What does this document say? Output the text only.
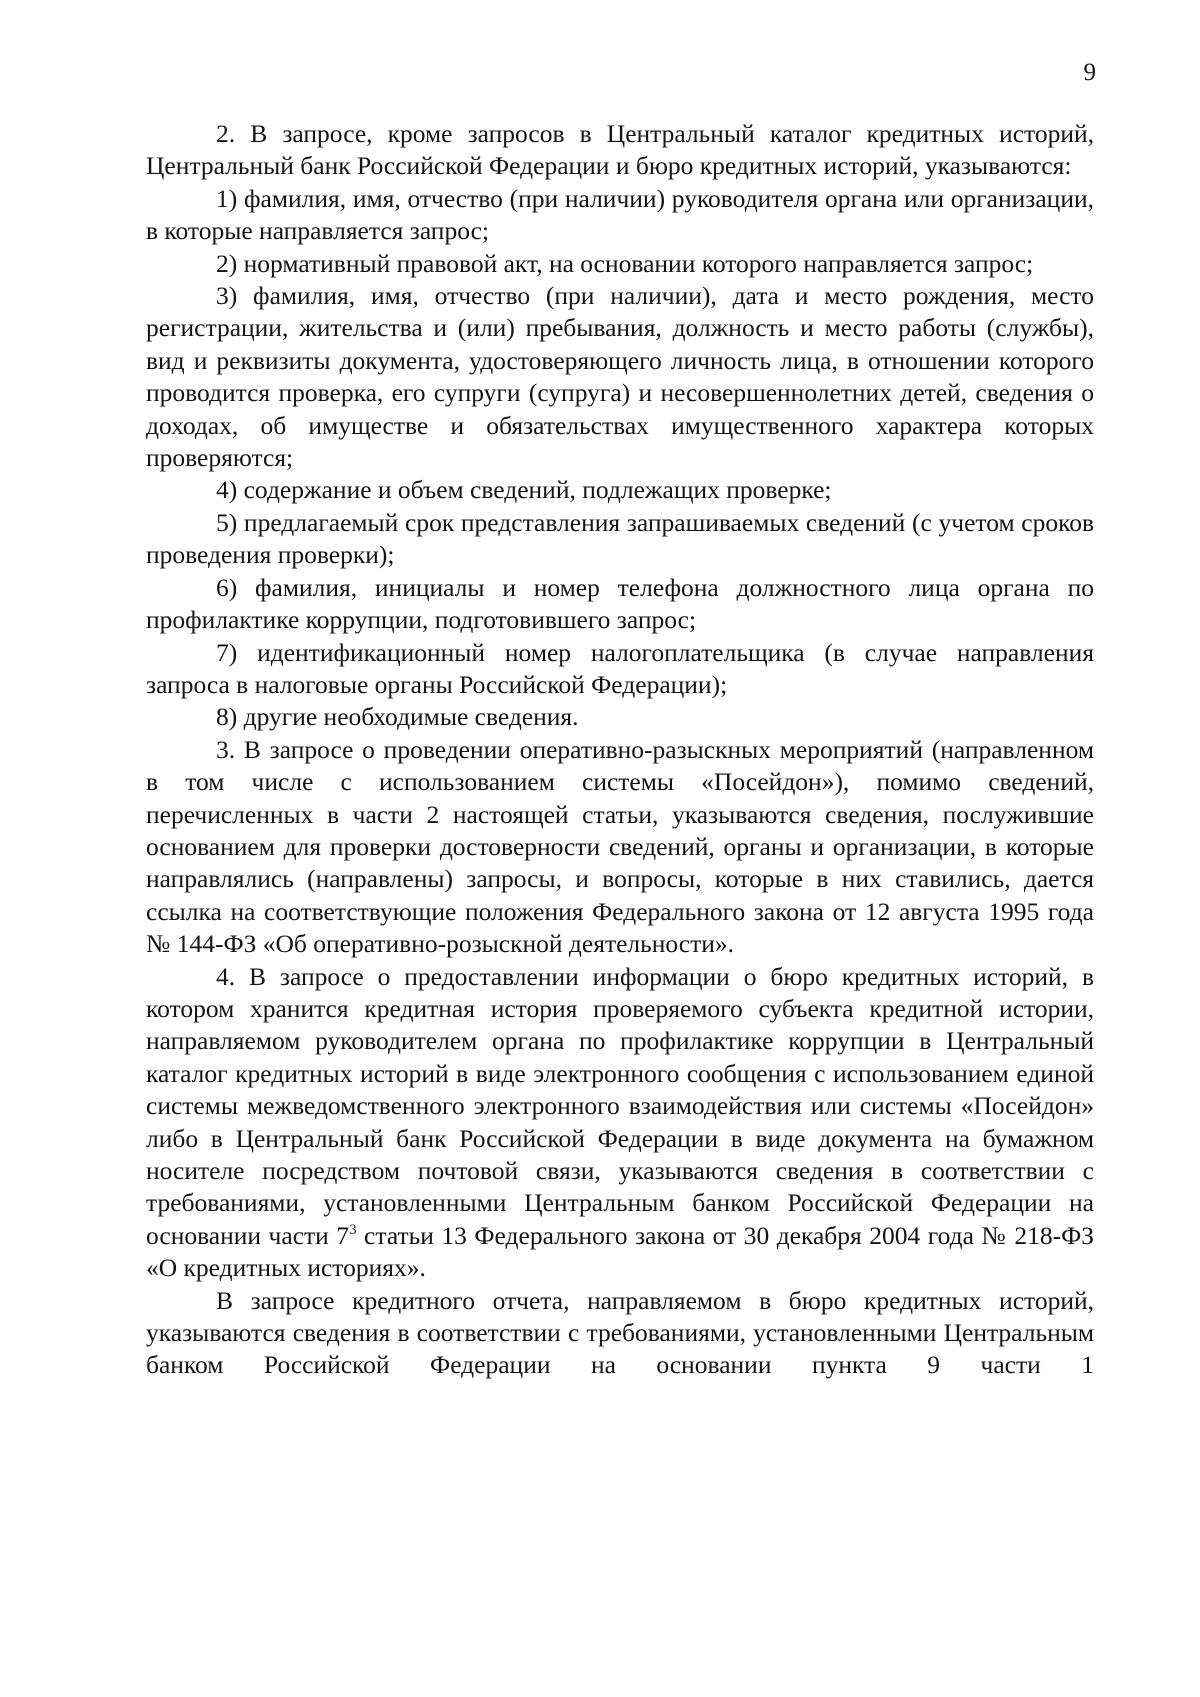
9

2. В запросе, кроме запросов в Центральный каталог кредитных историй, Центральный банк Российской Федерации и бюро кредитных историй, указываются:

1) фамилия, имя, отчество (при наличии) руководителя органа или организации, в которые направляется запрос;

2) нормативный правовой акт, на основании которого направляется запрос;

3) фамилия, имя, отчество (при наличии), дата и место рождения, место регистрации, жительства и (или) пребывания, должность и место работы (службы), вид и реквизиты документа, удостоверяющего личность лица, в отношении которого проводится проверка, его супруги (супруга) и несовершеннолетних детей, сведения о доходах, об имуществе и обязательствах имущественного характера которых проверяются;

4) содержание и объем сведений, подлежащих проверке;

5) предлагаемый срок представления запрашиваемых сведений (с учетом сроков проведения проверки);

6) фамилия, инициалы и номер телефона должностного лица органа по профилактике коррупции, подготовившего запрос;

7) идентификационный номер налогоплательщика (в случае направления запроса в налоговые органы Российской Федерации);

8) другие необходимые сведения.

3. В запросе о проведении оперативно-разыскных мероприятий (направленном в том числе с использованием системы «Посейдон»), помимо сведений, перечисленных в части 2 настоящей статьи, указываются сведения, послужившие основанием для проверки достоверности сведений, органы и организации, в которые направлялись (направлены) запросы, и вопросы, которые в них ставились, дается ссылка на соответствующие положения Федерального закона от 12 августа 1995 года № 144-ФЗ «Об оперативно-розыскной деятельности».

4. В запросе о предоставлении информации о бюро кредитных историй, в котором хранится кредитная история проверяемого субъекта кредитной истории, направляемом руководителем органа по профилактике коррупции в Центральный каталог кредитных историй в виде электронного сообщения с использованием единой системы межведомственного электронного взаимодействия или системы «Посейдон» либо в Центральный банк Российской Федерации в виде документа на бумажном носителе посредством почтовой связи, указываются сведения в соответствии с требованиями, установленными Центральным банком Российской Федерации на основании части $7^3$ статьи 13 Федерального закона от 30 декабря 2004 года № 218-ФЗ «О кредитных историях».

В запросе кредитного отчета, направляемом в бюро кредитных историй, указываются сведения в соответствии с требованиями, установленными Центральным банком Российской Федерации на основании пункта 9 части 1
